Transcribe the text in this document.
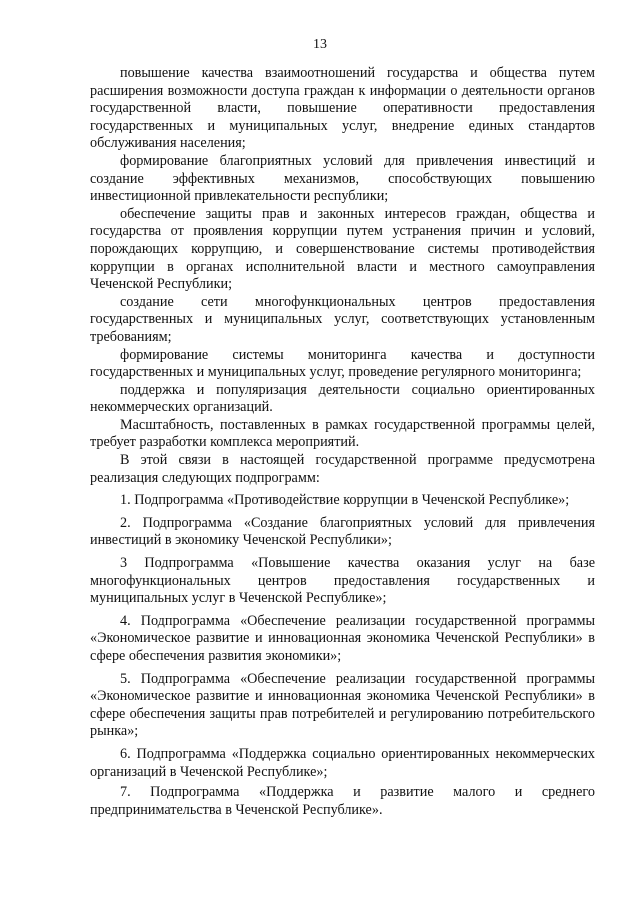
13

повышение качества взаимоотношений государства и общества путем расширения возможности доступа граждан к информации о деятельности органов государственной власти, повышение оперативности предоставления государственных и муниципальных услуг, внедрение единых стандартов обслуживания населения;

формирование благоприятных условий для привлечения инвестиций и создание эффективных механизмов, способствующих повышению инвестиционной привлекательности республики;

обеспечение защиты прав и законных интересов граждан, общества и государства от проявления коррупции путем устранения причин и условий, порождающих коррупцию, и совершенствование системы противодействия коррупции в органах исполнительной власти и местного самоуправления Чеченской Республики;

создание сети многофункциональных центров предоставления государственных и муниципальных услуг, соответствующих установленным требованиям;

формирование системы мониторинга качества и доступности государственных и муниципальных услуг, проведение регулярного мониторинга;

поддержка и популяризация деятельности социально ориентированных некоммерческих организаций.

Масштабность, поставленных в рамках государственной программы целей, требует разработки комплекса мероприятий.

В этой связи в настоящей государственной программе предусмотрена реализация следующих подпрограмм:

1. Подпрограмма «Противодействие коррупции в Чеченской Республике»;

2. Подпрограмма «Создание благоприятных условий для привлечения инвестиций в экономику Чеченской Республики»;

3 Подпрограмма «Повышение качества оказания услуг на базе многофункциональных центров предоставления государственных и муниципальных услуг в Чеченской Республике»;

4. Подпрограмма «Обеспечение реализации государственной программы «Экономическое развитие и инновационная экономика Чеченской Республики» в сфере обеспечения развития экономики»;

5. Подпрограмма «Обеспечение реализации государственной программы «Экономическое развитие и инновационная экономика Чеченской Республики» в сфере обеспечения защиты прав потребителей и регулированию потребительского рынка»;

6. Подпрограмма «Поддержка социально ориентированных некоммерческих организаций в Чеченской Республике»;

7. Подпрограмма «Поддержка и развитие малого и среднего предпринимательства в Чеченской Республике».
